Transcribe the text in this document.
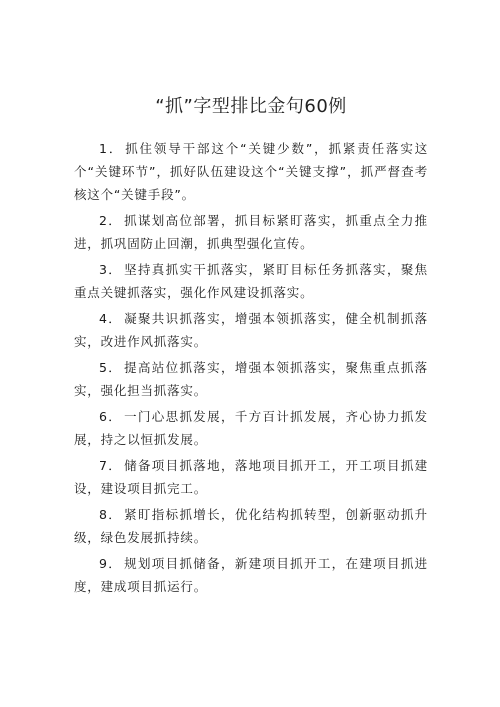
“抓”字型排比金句60例

1． 抓住领导干部这个“关键少数”，抓紧责任落实这个“关键环节”，抓好队伍建设这个“关键支撑”，抓严督查考核这个“关键手段”。

2． 抓谋划高位部署，抓目标紧盯落实，抓重点全力推进，抓巩固防止回潮，抓典型强化宣传。

3． 坚持真抓实干抓落实，紧盯目标任务抓落实，聚焦重点关键抓落实，强化作风建设抓落实。

4． 凝聚共识抓落实，增强本领抓落实，健全机制抓落实，改进作风抓落实。

5． 提高站位抓落实，增强本领抓落实，聚焦重点抓落实，强化担当抓落实。

6． 一门心思抓发展，千方百计抓发展，齐心协力抓发展，持之以恒抓发展。

7． 储备项目抓落地，落地项目抓开工，开工项目抓建设，建设项目抓完工。

8． 紧盯指标抓增长，优化结构抓转型，创新驱动抓升级，绿色发展抓持续。

9． 规划项目抓储备，新建项目抓开工，在建项目抓进度，建成项目抓运行。
